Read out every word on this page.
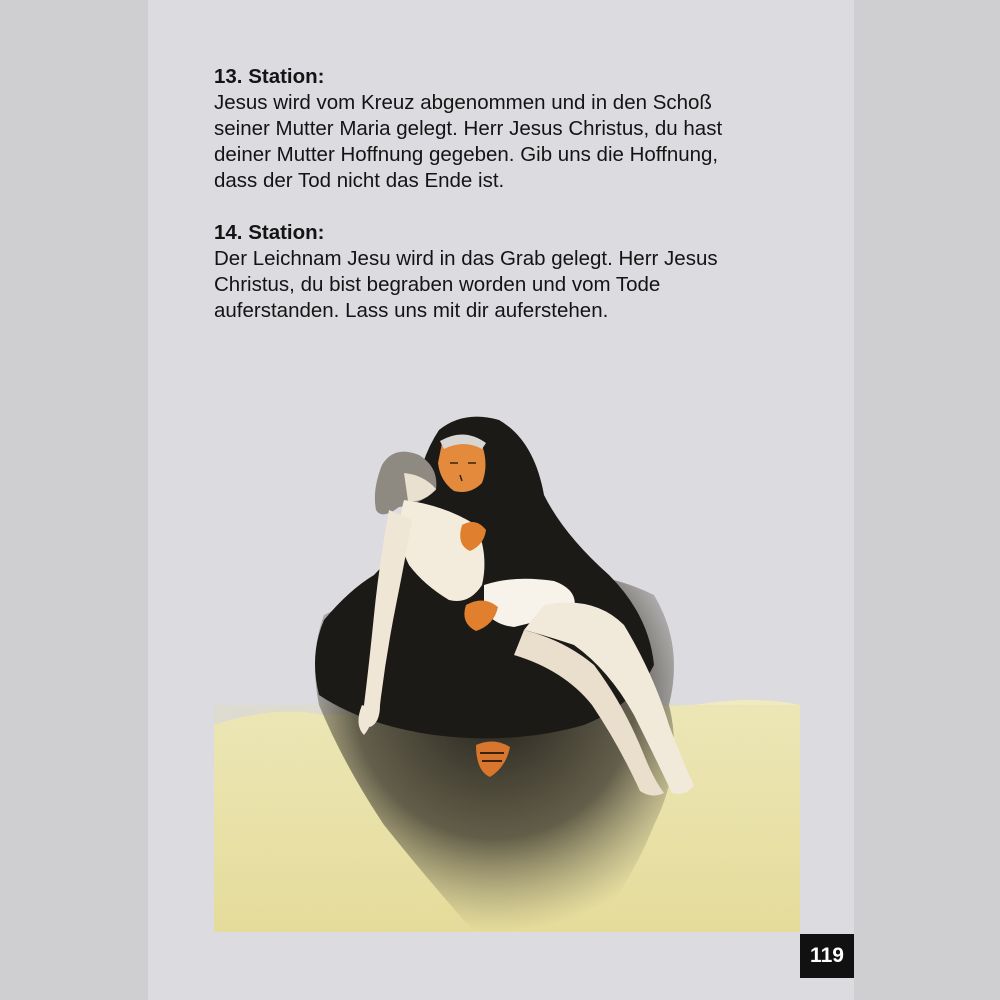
13. Station:
Jesus wird vom Kreuz abgenommen und in den Schoß
seiner Mutter Maria gelegt. Herr Jesus Christus, du hast
deiner Mutter Hoffnung gegeben. Gib uns die Hoffnung,
dass der Tod nicht das Ende ist.
14. Station:
Der Leichnam Jesu wird in das Grab gelegt. Herr Jesus
Christus, du bist begraben worden und vom Tode
auferstanden. Lass uns mit dir auferstehen.
119
